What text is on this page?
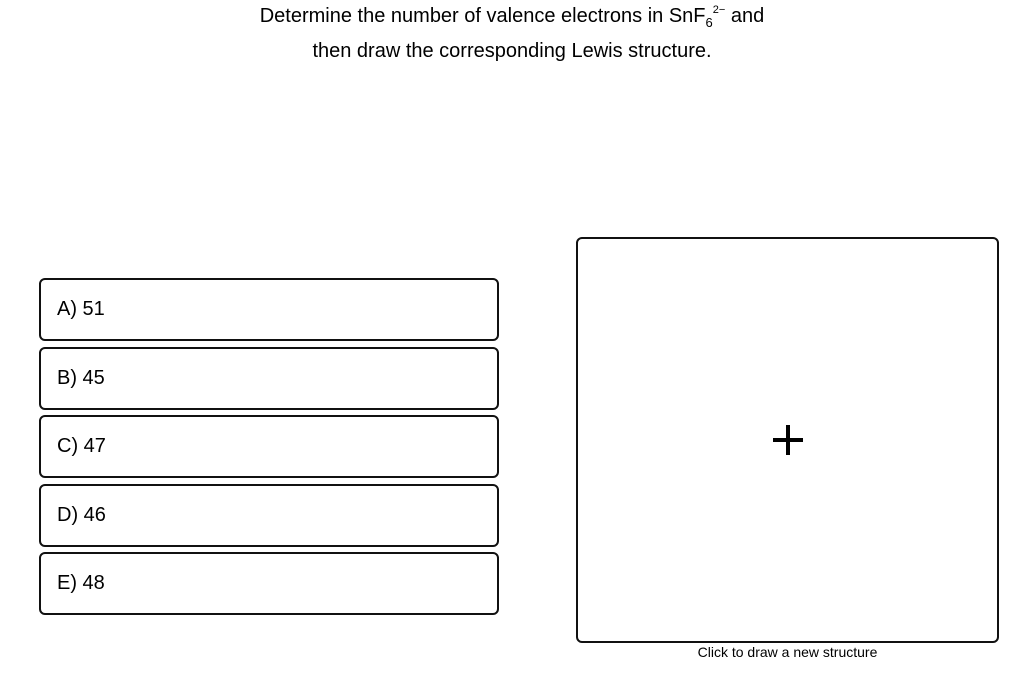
Determine the number of valence electrons in SnF$_6^{2-}$ and
then draw the corresponding Lewis structure.
A) 51
B) 45
C) 47
D) 46
E) 48
Click to draw a new structure
